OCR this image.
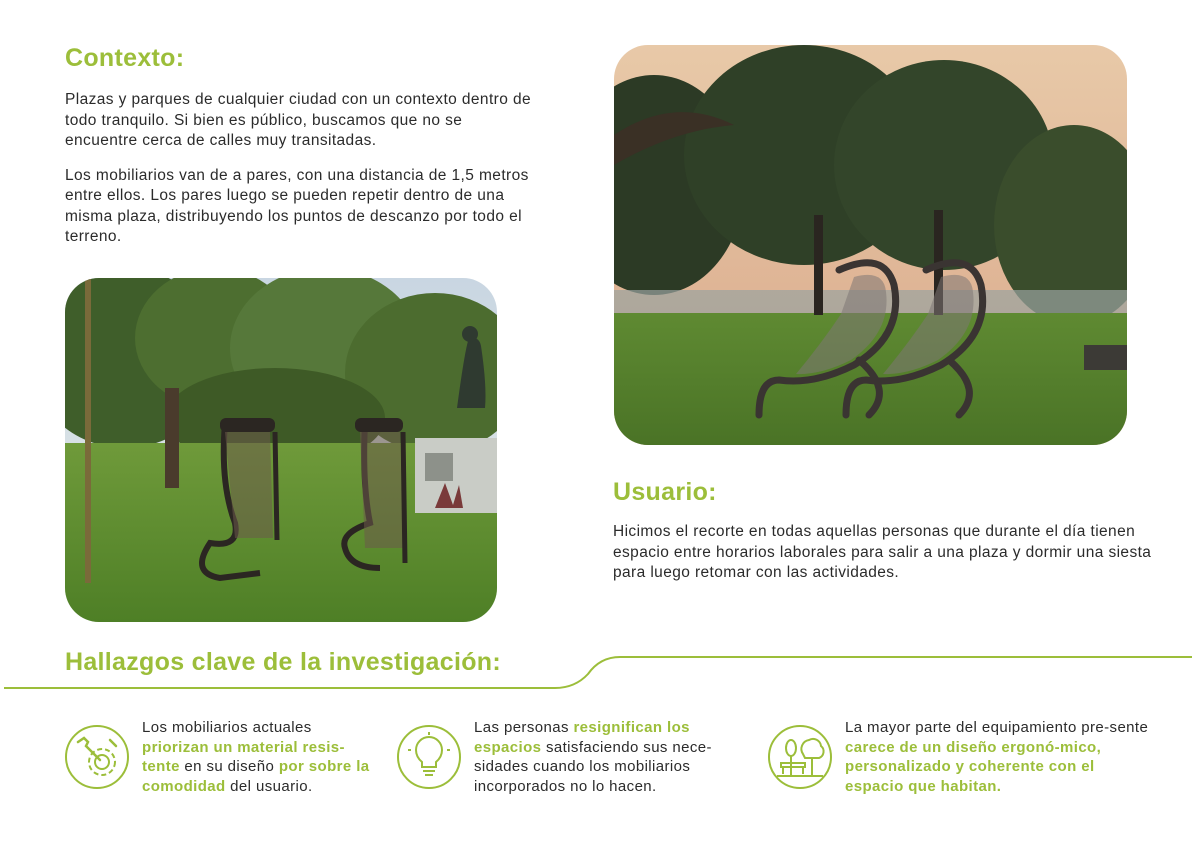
Contexto:

Plazas y parques de cualquier ciudad con un contexto dentro de todo tranquilo. Si bien es público, buscamos que no se encuentre cerca de calles muy transitadas.

Los mobiliarios van de a pares, con una distancia de 1,5 metros entre ellos. Los pares luego se pueden repetir dentro de una misma plaza, distribuyendo los puntos de descanzo por todo el terreno.

Usuario:

Hicimos el recorte en todas aquellas personas que durante el día tienen espacio entre horarios laborales para salir a una plaza y dormir una siesta para luego retomar con las actividades.

Hallazgos clave de la investigación:
Los mobiliarios actuales priorizan un material resis-tente en su diseño por sobre la comodidad del usuario.
Las personas resignifican los espacios satisfaciendo sus nece-sidades cuando los mobiliarios incorporados no lo hacen.
La mayor parte del equipamiento pre-sente carece de un diseño ergonó-mico, personalizado y coherente con el espacio que habitan.
